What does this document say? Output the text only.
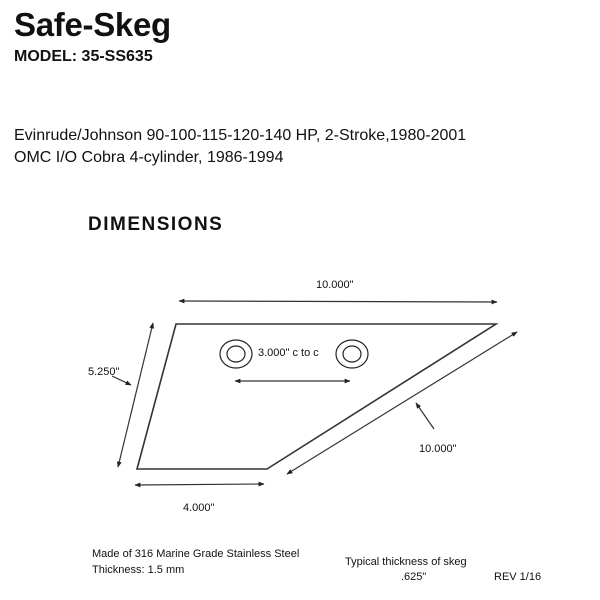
Safe-Skeg
MODEL: 35-SS635
Evinrude/Johnson 90-100-115-120-140 HP, 2-Stroke,1980-2001
OMC I/O Cobra 4-cylinder, 1986-1994
DIMENSIONS
10.000"
5.250"
3.000" c to c
10.000"
4.000"
Made of 316 Marine Grade Stainless Steel
Thickness: 1.5 mm
Typical thickness of skeg
.625"	REV 1/16
